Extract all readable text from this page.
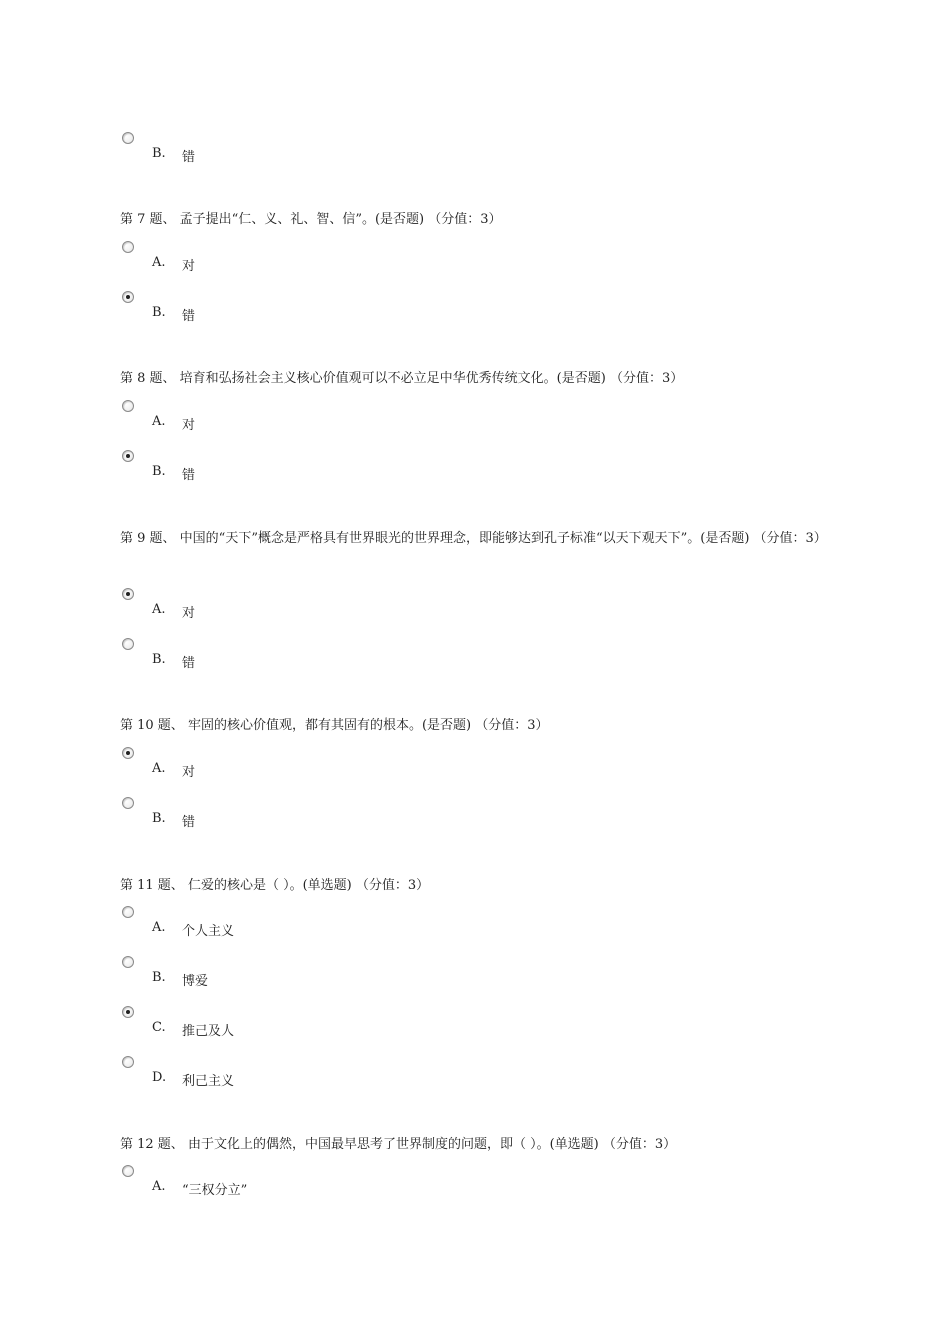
B. 错
第 7 题、 孟子提出“仁、义、礼、智、信”。(是否题) （分值：3）
A. 对
B. 错
第 8 题、 培育和弘扬社会主义核心价值观可以不必立足中华优秀传统文化。(是否题) （分值：3）
A. 对
B. 错
第 9 题、 中国的“天下”概念是严格具有世界眼光的世界理念，即能够达到孔子标准“以天下观天下”。(是否题) （分值：3）
A. 对
B. 错
第 10 题、 牢固的核心价值观，都有其固有的根本。(是否题) （分值：3）
A. 对
B. 错
第 11 题、 仁爱的核心是（ ）。(单选题) （分值：3）
A. 个人主义
B. 博爱
C. 推己及人
D. 利己主义
第 12 题、 由于文化上的偶然，中国最早思考了世界制度的问题，即（ ）。(单选题) （分值：3）
A. “三权分立”
